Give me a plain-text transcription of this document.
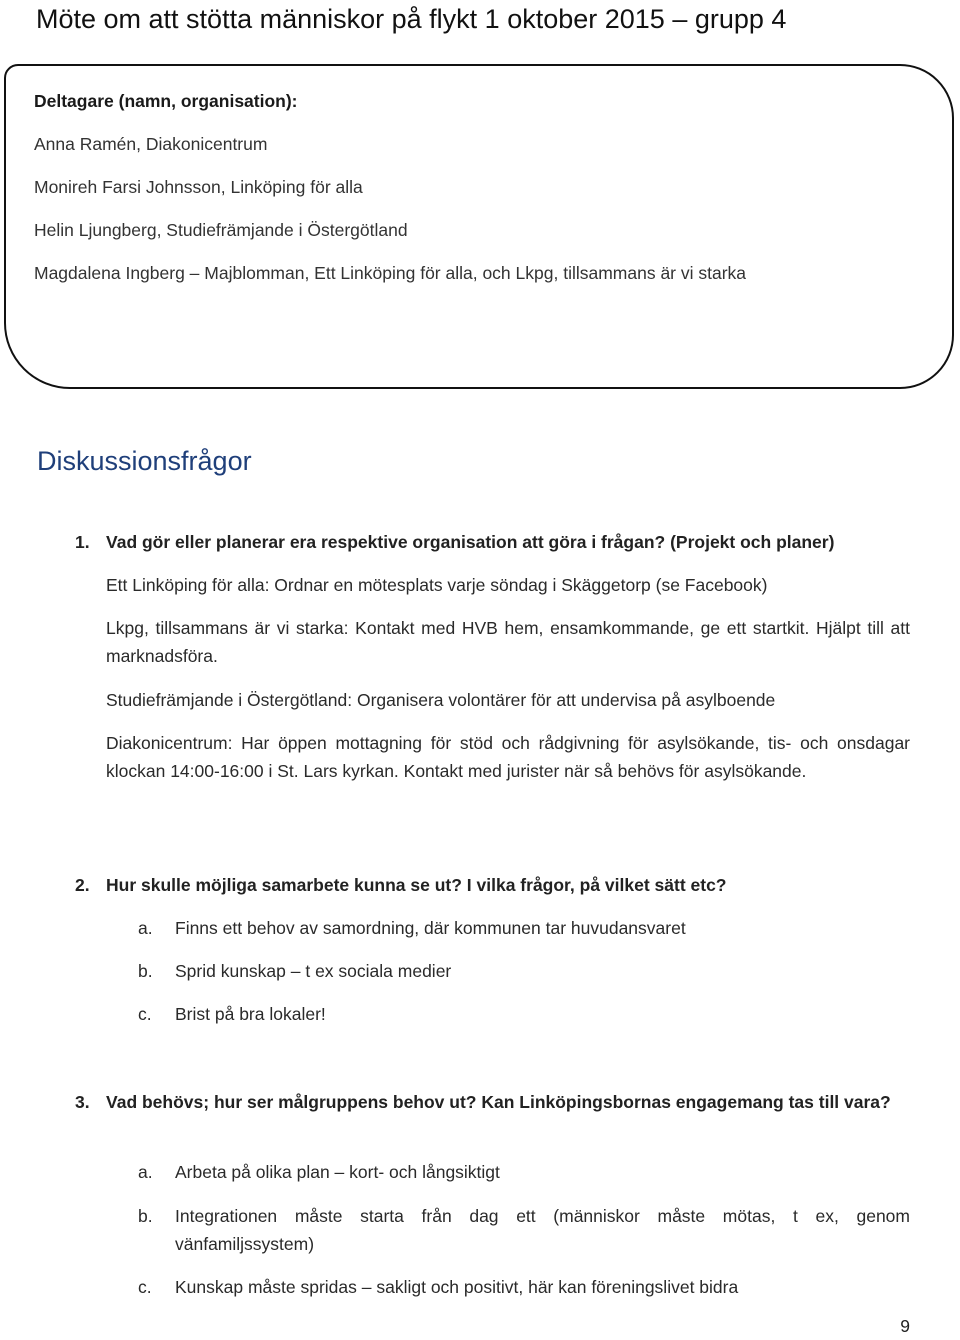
Möte om att stötta människor på flykt 1 oktober 2015 – grupp 4
Deltagare (namn, organisation):
Anna Ramén, Diakonicentrum
Monireh Farsi Johnsson, Linköping för alla
Helin Ljungberg, Studiefrämjande i Östergötland
Magdalena Ingberg – Majblomman, Ett Linköping för alla, och Lkpg, tillsammans är vi starka
Diskussionsfrågor
1. Vad gör eller planerar era respektive organisation att göra i frågan? (Projekt och planer)
Ett Linköping för alla: Ordnar en mötesplats varje söndag i Skäggetorp (se Facebook)
Lkpg, tillsammans är vi starka: Kontakt med HVB hem, ensamkommande, ge ett startkit. Hjälpt till att marknadsföra.
Studiefrämjande i Östergötland: Organisera volontärer för att undervisa på asylboende
Diakonicentrum: Har öppen mottagning för stöd och rådgivning för asylsökande, tis- och onsdagar klockan 14:00-16:00 i St. Lars kyrkan. Kontakt med jurister när så behövs för asylsökande.
2. Hur skulle möjliga samarbete kunna se ut? I vilka frågor, på vilket sätt etc?
a. Finns ett behov av samordning, där kommunen tar huvudansvaret
b. Sprid kunskap – t ex sociala medier
c. Brist på bra lokaler!
3. Vad behövs; hur ser målgruppens behov ut? Kan Linköpingsbornas engagemang tas till vara?
a. Arbeta på olika plan – kort- och långsiktigt
b. Integrationen måste starta från dag ett (människor måste mötas, t ex, genom vänfamiljssystem)
c. Kunskap måste spridas – sakligt och positivt, här kan föreningslivet bidra
9
